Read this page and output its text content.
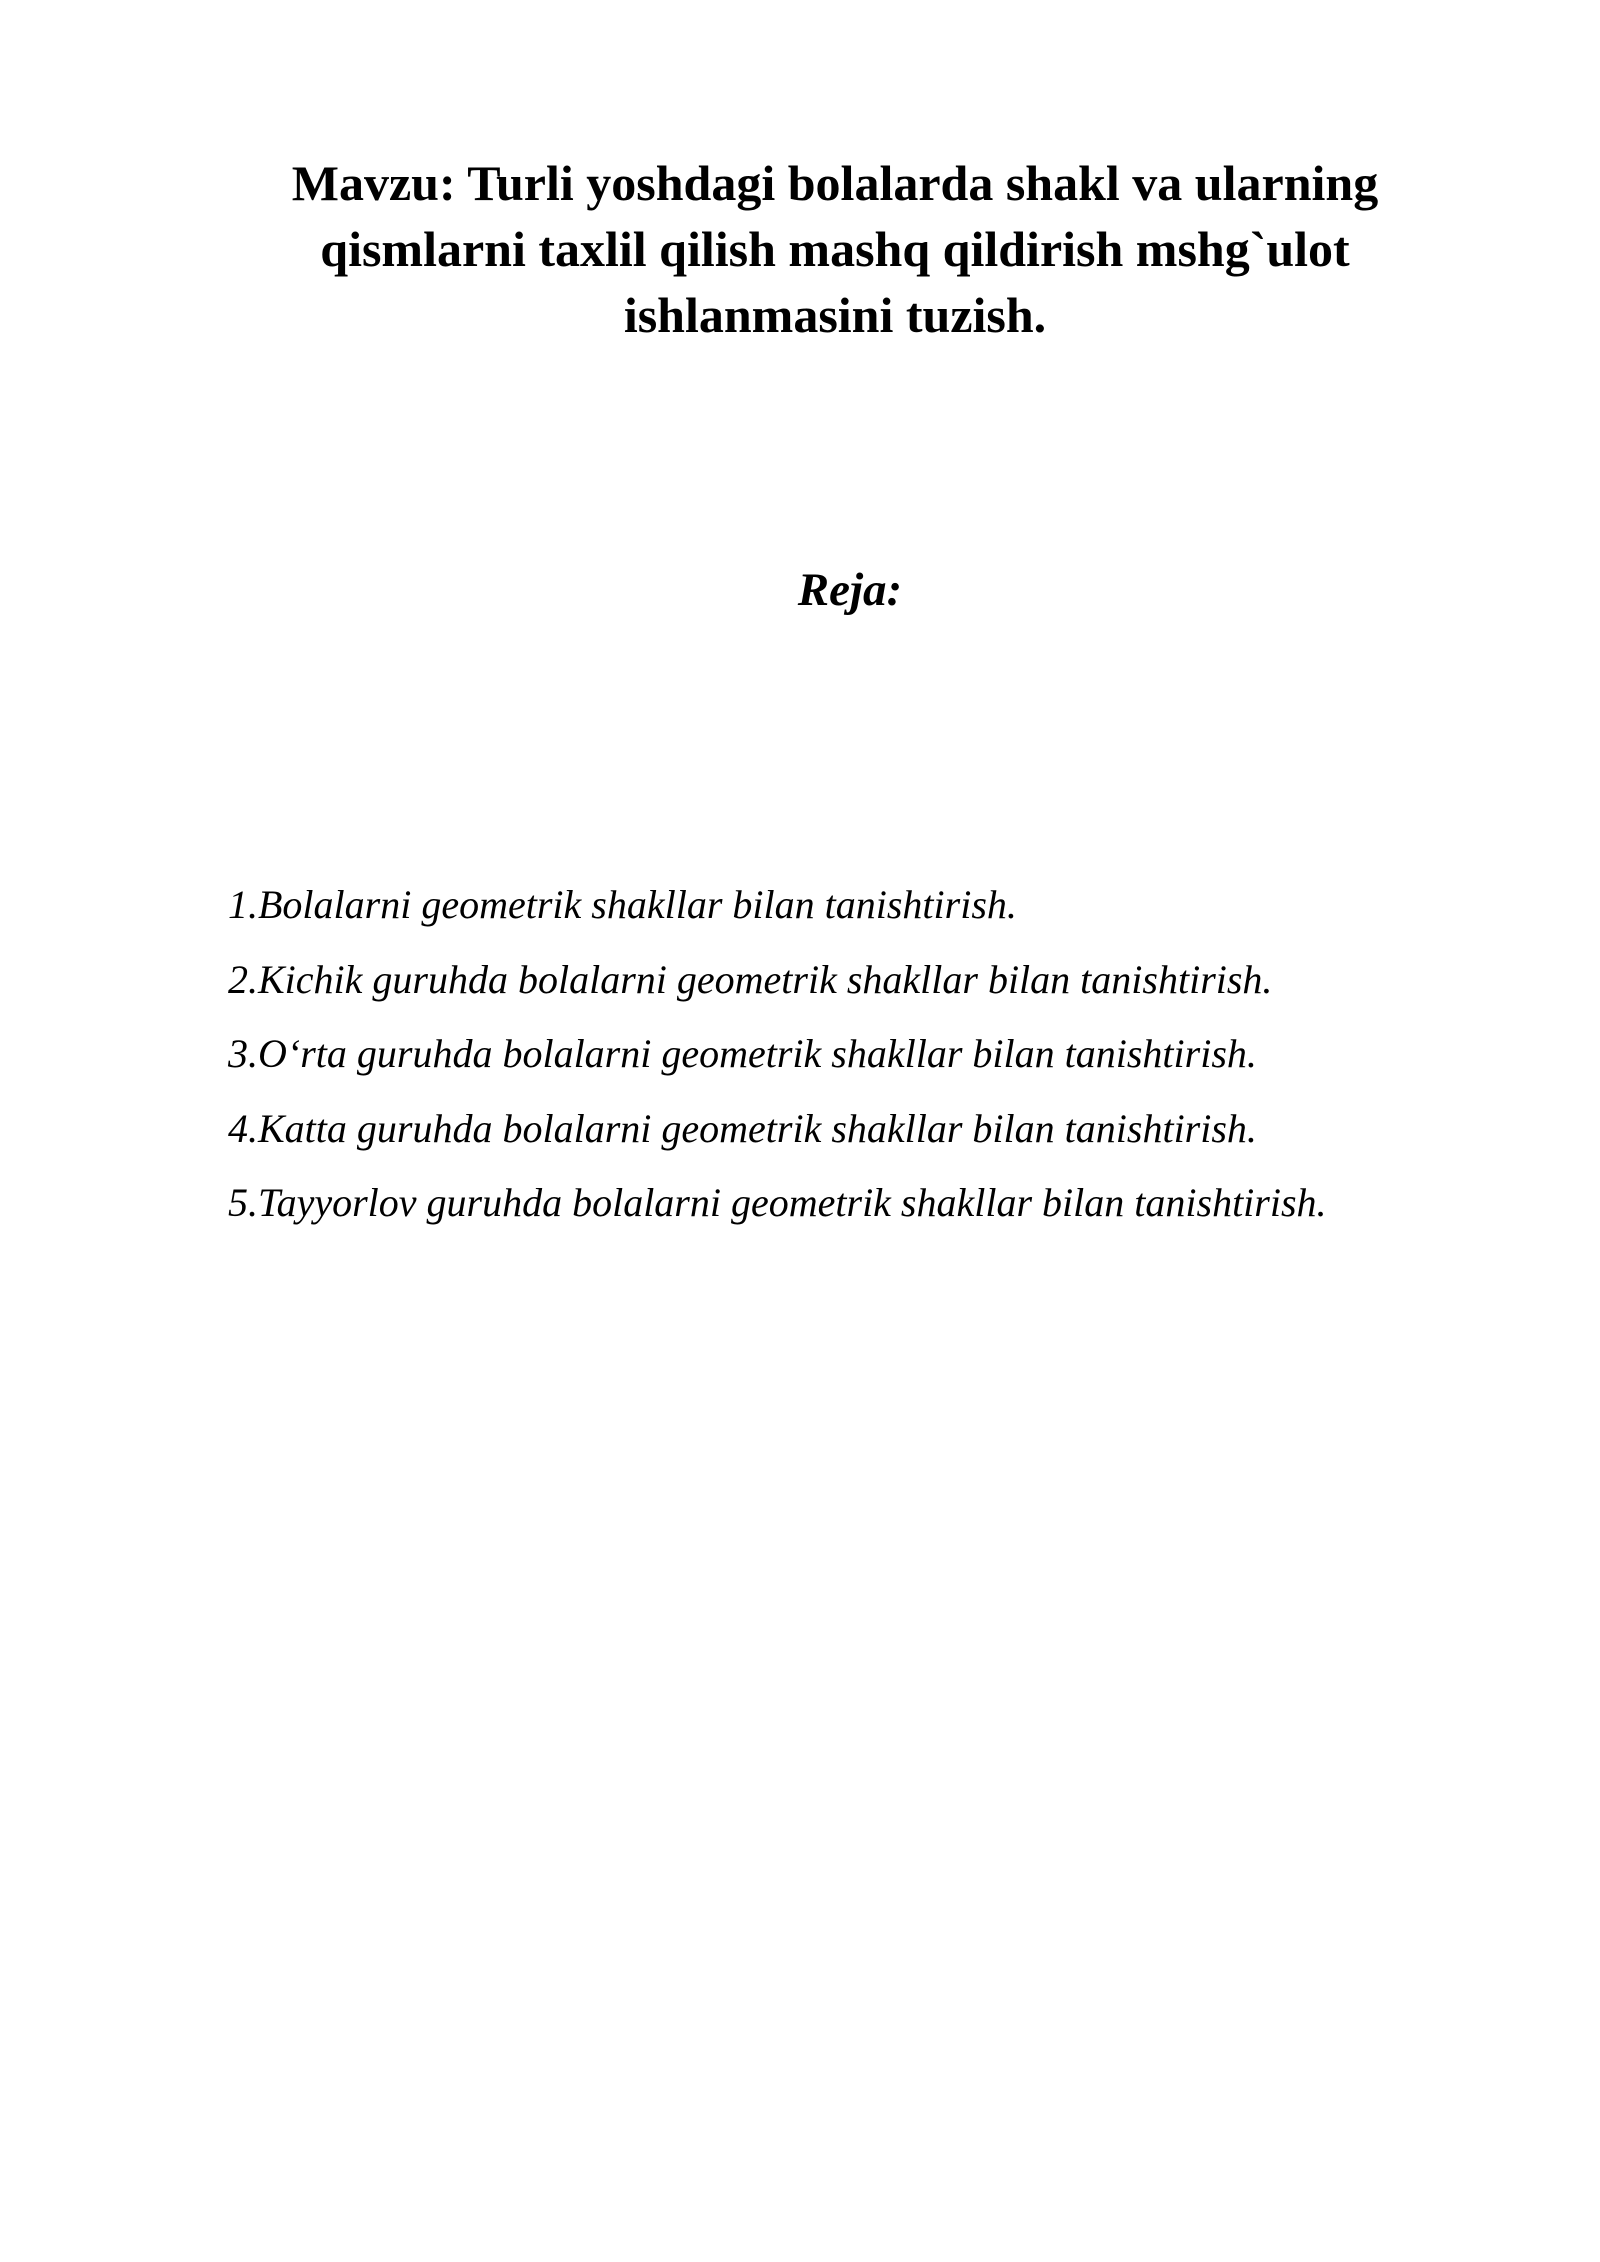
Mavzu: Turli yoshdagi bolalarda shakl va ularning qismlarni taxlil qilish mashq qildirish mshg`ulot ishlanmasini tuzish.
Reja:
1.Bolalarni geometrik shakllar bilan tanishtirish.
2.Kichik guruhda bolalarni geometrik shakllar bilan tanishtirish.
3.O‘rta guruhda bolalarni geometrik shakllar bilan tanishtirish.
4.Katta guruhda bolalarni geometrik shakllar bilan tanishtirish.
5.Tayyorlov guruhda bolalarni geometrik shakllar bilan tanishtirish.
